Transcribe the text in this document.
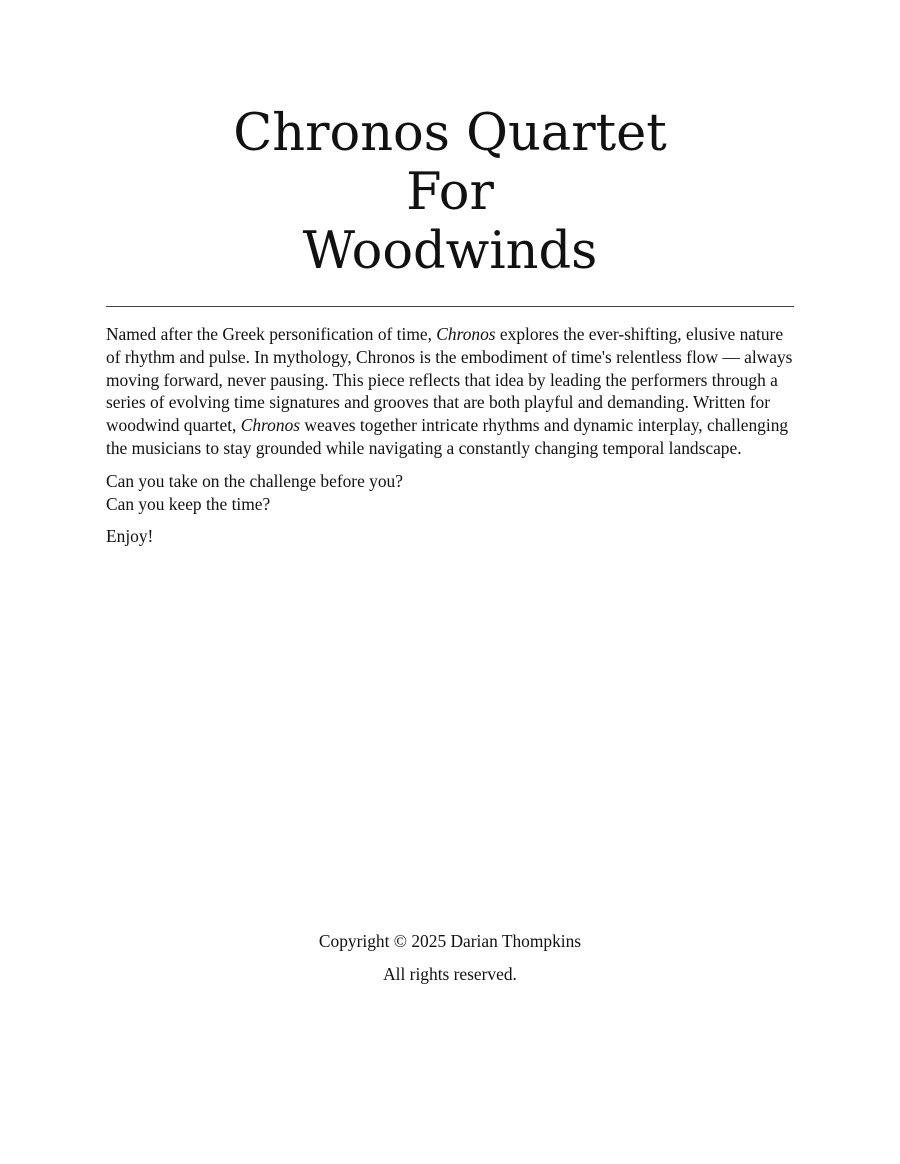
Chronos Quartet
For
Woodwinds

Named after the Greek personification of time, Chronos explores the ever-shifting, elusive nature of rhythm and pulse. In mythology, Chronos is the embodiment of time's relentless flow — always moving forward, never pausing. This piece reflects that idea by leading the performers through a series of evolving time signatures and grooves that are both playful and demanding. Written for woodwind quartet, Chronos weaves together intricate rhythms and dynamic interplay, challenging the musicians to stay grounded while navigating a constantly changing temporal landscape.

Can you take on the challenge before you?
Can you keep the time?

Enjoy!

Copyright © 2025 Darian Thompkins

All rights reserved.
